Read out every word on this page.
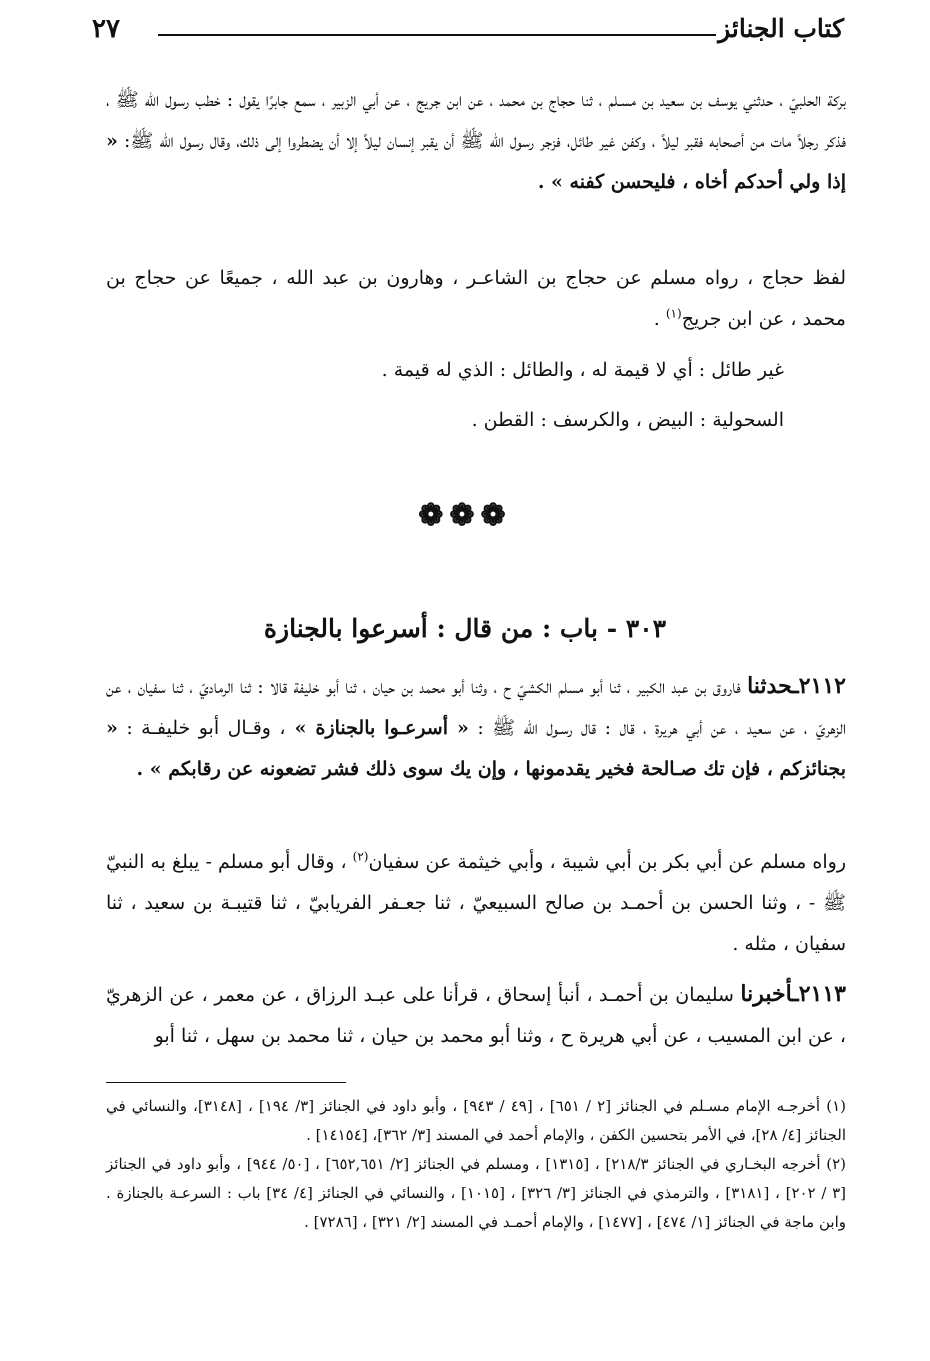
كتاب الجنائز
٢٧

بركة الحلبيّ ، حدثني يوسف بن سعيد بن مسـلم ، ثنا حجاج بن محمد ، عن ابن جريج ، عن أبي الزبير ، سمع جابرًا يقول : خطب رسول الله ﷺ ، فذكر رجلاً مات من أصحابه فقبر ليلاً ، وكفن غير طائل، فزجر رسول الله ﷺ أن يقبر إنسان ليلاً إلا أن يضطروا إلى ذلك، وقال رسول الله ﷺ: « إذا ولي أحدكم أخاه ، فليحسن كفنه » .

لفظ حجاج ، رواه مسلم عن حجاج بن الشاعـر ، وهارون بن عبد الله ، جميعًا عن حجاج بن محمد ، عن ابن جريج$^{(١)}$ .

غير طائل : أي لا قيمة له ، والطائل : الذي له قيمة .
السحولية : البيض ، والكرسف : القطن .
❁❁❁
٣٠٣ - باب : من قال : أسرعوا بالجنازة

٢١١٢ـحدثنا فاروق بن عبد الكبير ، ثنا أبو مسلم الكشيّ ح ، وثنا أبو محمد بن حيان ، ثنا أبو خليفة قالا : ثنا الرماديّ ، ثنا سفيان ، عن الزهريّ ، عن سعيد ، عن أبي هريرة ، قال : قال رسـول الله ﷺ : « أسرعـوا بالجنازة » ، وقـال أبو خليفـة : « بجنائزكم ، فإن تك صـالحة فخير يقدمونها ، وإن يك سوى ذلك فشر تضعونه عن رقابكم » .

رواه مسلم عن أبي بكر بن أبي شيبة ، وأبي خيثمة عن سفيان$^{(٢)}$ ، وقال أبو مسلم - يبلغ به النبيّ ﷺ - ، وثنا الحسن بن أحمـد بن صالح السبيعيّ ، ثنا جعـفر الفريابيّ ، ثنا قتيبـة بن سعيد ، ثنا سفيان ، مثله .

٢١١٣ـأخبرنا سليمان بن أحمـد ، أنبأ إسحاق ، قرأنا على عبـد الرزاق ، عن معمر ، عن الزهريّ ، عن ابن المسيب ، عن أبي هريرة ح ، وثنا أبو محمد بن حيان ، ثنا محمد بن سهل ، ثنا أبو

(١) أخرجـه الإمام مسـلم في الجنائز [٢ / ٦٥١] ، [٤٩ / ٩٤٣] ، وأبو داود في الجنائز [٣/ ١٩٤] ، [٣١٤٨]، والنسائي في الجنائز [٤/ ٢٨]، في الأمر بتحسين الكفن ، والإمام أحمد في المسند [٣/ ٣٦٢]، [١٤١٥٤] .

(٢) أخرجه البخـاري في الجنائز ٢١٨/٣] ، [١٣١٥] ، ومسلم في الجنائز [٢/ ٦٥٢,٦٥١] ، [٥٠/ ٩٤٤] ، وأبو داود في الجنائز [٣ / ٢٠٢] ، [٣١٨١] ، والترمذي في الجنائز [٣/ ٣٢٦] ، [١٠١٥] ، والنسائي في الجنائز [٤/ ٣٤] باب : السرعـة بالجنازة . وابن ماجة في الجنائز [١/ ٤٧٤] ، [١٤٧٧] ، والإمام أحمـد في المسند [٢/ ٣٢١] ، [٧٢٨٦] .
